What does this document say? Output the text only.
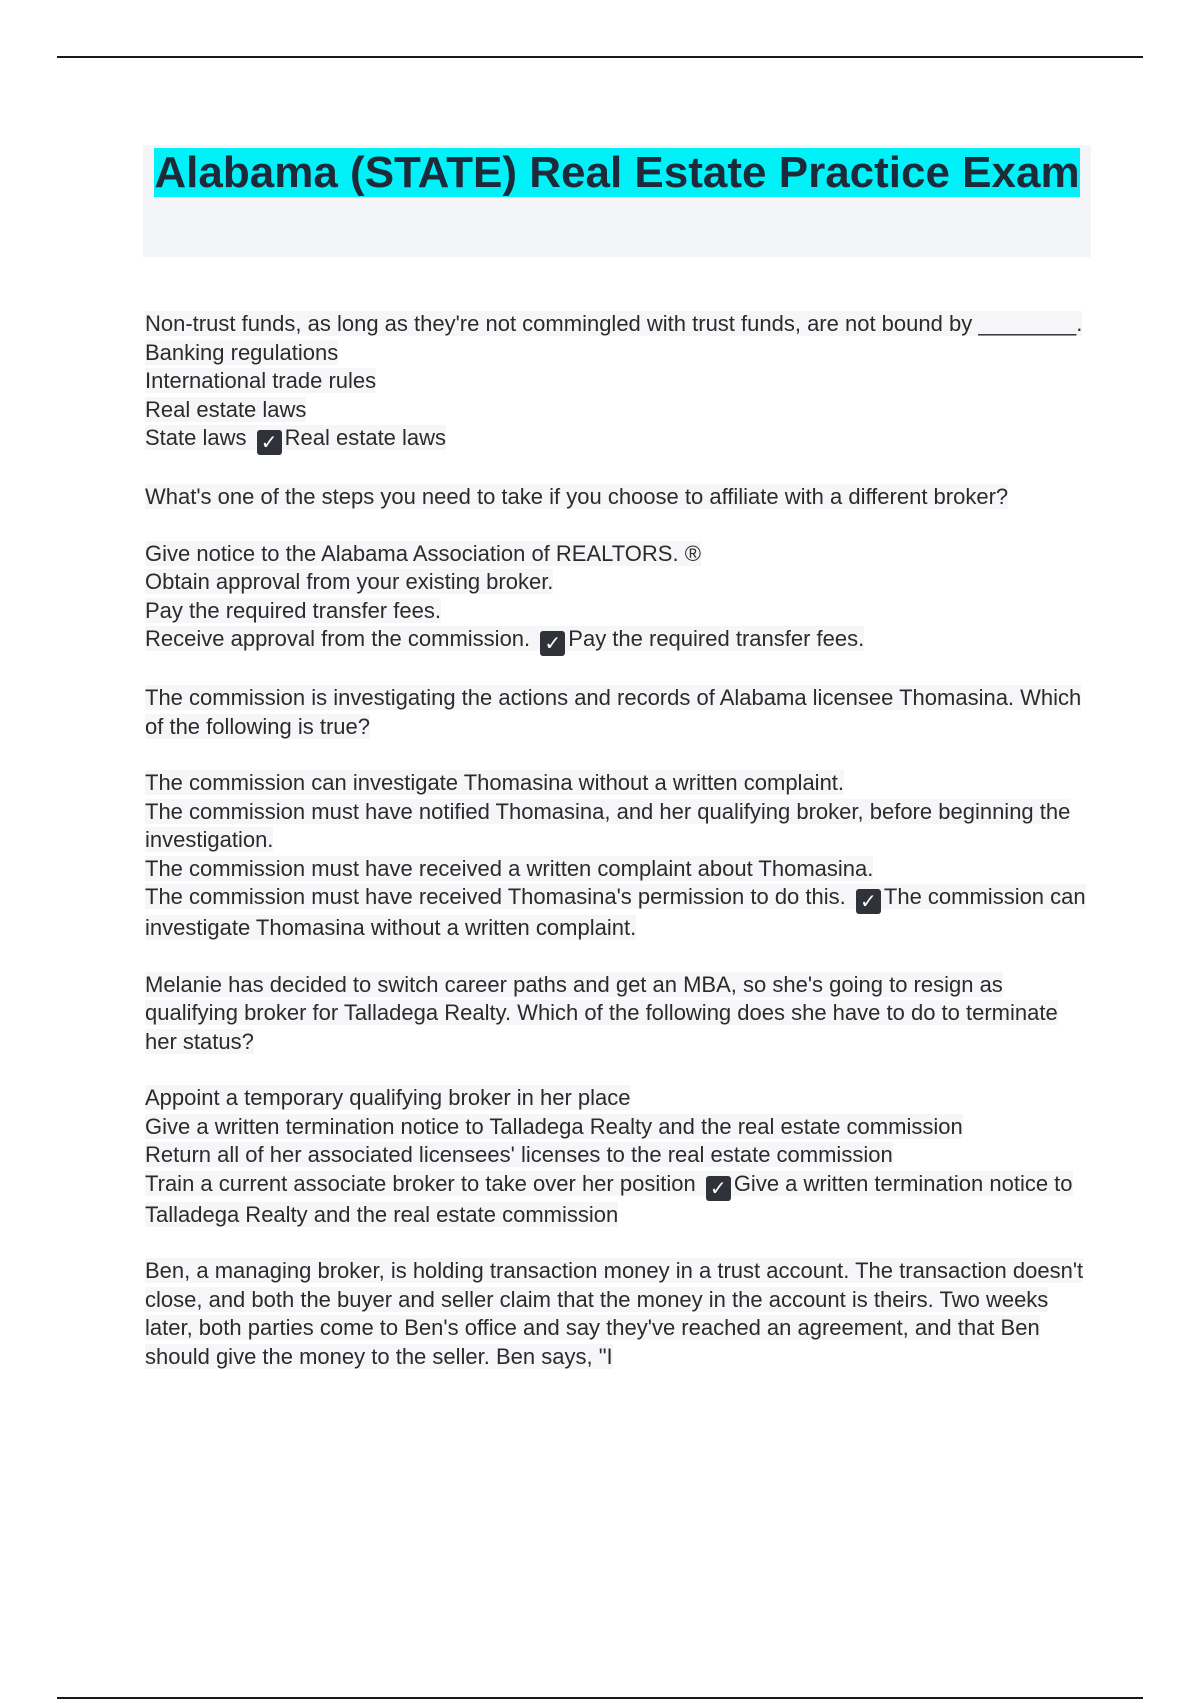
Alabama (STATE) Real Estate Practice Exam
Non-trust funds, as long as they're not commingled with trust funds, are not bound by ________.
Banking regulations
International trade rules
Real estate laws
State laws ✓ Real estate laws
What's one of the steps you need to take if you choose to affiliate with a different broker?
Give notice to the Alabama Association of REALTORS. ®
Obtain approval from your existing broker.
Pay the required transfer fees.
Receive approval from the commission. ✓ Pay the required transfer fees.
The commission is investigating the actions and records of Alabama licensee Thomasina. Which of the following is true?
The commission can investigate Thomasina without a written complaint.
The commission must have notified Thomasina, and her qualifying broker, before beginning the investigation.
The commission must have received a written complaint about Thomasina.
The commission must have received Thomasina's permission to do this. ✓ The commission can investigate Thomasina without a written complaint.
Melanie has decided to switch career paths and get an MBA, so she's going to resign as qualifying broker for Talladega Realty. Which of the following does she have to do to terminate her status?
Appoint a temporary qualifying broker in her place
Give a written termination notice to Talladega Realty and the real estate commission
Return all of her associated licensees' licenses to the real estate commission
Train a current associate broker to take over her position ✓ Give a written termination notice to Talladega Realty and the real estate commission
Ben, a managing broker, is holding transaction money in a trust account. The transaction doesn't close, and both the buyer and seller claim that the money in the account is theirs. Two weeks later, both parties come to Ben's office and say they've reached an agreement, and that Ben should give the money to the seller. Ben says, "I
